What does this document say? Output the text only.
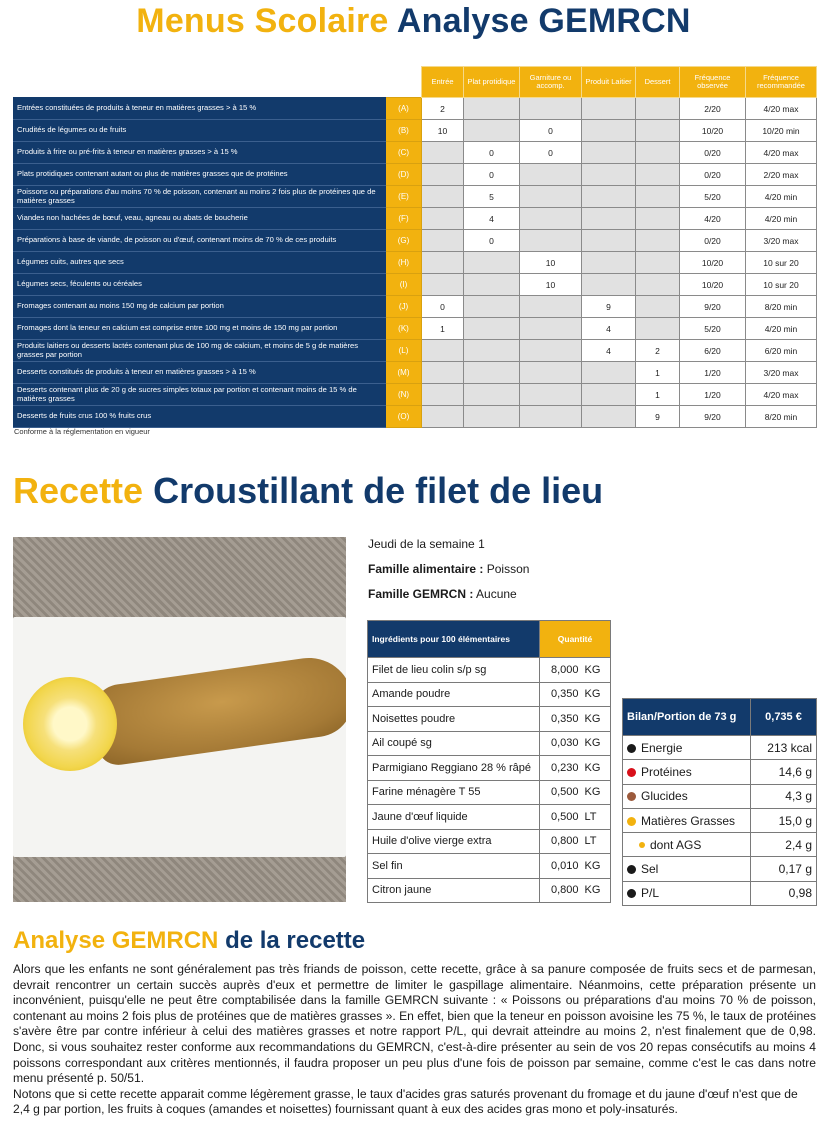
Menus Scolaire Analyse GEMRCN
		Entrée	Plat protidique	Garniture ou accomp.	Produit Laitier	Dessert	Fréquence observée	Fréquence recommandée
Entrées constituées de produits à teneur en matières grasses > à 15 %	(A)	2					2/20	4/20 max
Crudités de légumes ou de fruits	(B)	10		0			10/20	10/20 min
Produits à frire ou pré-frits à teneur en matières grasses > à 15 %	(C)		0	0			0/20	4/20 max
Plats protidiques contenant autant ou plus de matières grasses que de protéines	(D)		0				0/20	2/20 max
Poissons ou préparations d'au moins 70 % de poisson, contenant au moins 2 fois plus de protéines que de matières grasses	(E)		5				5/20	4/20 min
Viandes non hachées de bœuf, veau, agneau ou abats de boucherie	(F)		4				4/20	4/20 min
Préparations à base de viande, de poisson ou d'œuf, contenant moins de 70 % de ces produits	(G)		0				0/20	3/20 max
Légumes cuits, autres que secs	(H)			10			10/20	10 sur 20
Légumes secs, féculents ou céréales	(I)			10			10/20	10 sur 20
Fromages contenant au moins 150 mg de calcium par portion	(J)	0			9		9/20	8/20 min
Fromages dont la teneur en calcium est comprise entre 100 mg et moins de 150 mg par portion	(K)	1			4		5/20	4/20 min
Produits laitiers ou desserts lactés contenant plus de 100 mg de calcium, et moins de 5 g de matières grasses par portion	(L)				4	2	6/20	6/20 min
Desserts constitués de produits à teneur en matières grasses > à 15 %	(M)					1	1/20	3/20 max
Desserts contenant plus de 20 g de sucres simples totaux par portion et contenant moins de 15 % de matières grasses	(N)					1	1/20	4/20 max
Desserts de fruits crus 100 % fruits crus	(O)					9	9/20	8/20 min
Conforme à la réglementation en vigueur
Recette Croustillant de filet de lieu
Jeudi de la semaine 1
Famille alimentaire : Poisson
Famille GEMRCN : Aucune
Ingrédients pour 100 élémentaires	Quantité	
Filet de lieu colin s/p sg	8,000	KG
Amande poudre	0,350	KG
Noisettes poudre	0,350	KG
Ail coupé sg	0,030	KG
Parmigiano Reggiano 28 % râpé	0,230	KG
Farine ménagère T 55	0,500	KG
Jaune d'œuf liquide	0,500	LT
Huile d'olive vierge extra	0,800	LT
Sel fin	0,010	KG
Citron jaune	0,800	KG
Bilan/Portion de 73 g	0,735 €
Energie	213 kcal
Protéines	14,6 g
Glucides	4,3 g
Matières Grasses	15,0 g
dont AGS	2,4 g
Sel	0,17 g
P/L	0,98
Analyse GEMRCN de la recette

Alors que les enfants ne sont généralement pas très friands de poisson, cette recette, grâce à sa panure composée de fruits secs et de parmesan, devrait rencontrer un certain succès auprès d'eux et permettre de limiter le gaspillage alimentaire. Néanmoins, cette préparation présente un inconvénient, puisqu'elle ne peut être comptabilisée dans la famille GEMRCN suivante : « Poissons ou préparations d'au moins 70 % de poisson, contenant au moins 2 fois plus de protéines que de matières grasses ». En effet, bien que la teneur en poisson avoisine les 75 %, le taux de protéines s'avère être par contre inférieur à celui des matières grasses et notre rapport P/L, qui devrait atteindre au moins 2, n'est finalement que de 0,98. Donc, si vous souhaitez rester conforme aux recommandations du GEMRCN, c'est-à-dire présenter au sein de vos 20 repas consécutifs au moins 4 poissons correspondant aux critères mentionnés, il faudra proposer un peu plus d'une fois de poisson par semaine, comme c'est le cas dans notre menu présenté p. 50/51.

Notons que si cette recette apparait comme légèrement grasse, le taux d'acides gras saturés provenant du fromage et du jaune d'œuf n'est que de 2,4 g par portion, les fruits à coques (amandes et noisettes) fournissant quant à eux des acides gras mono et poly-insaturés.
